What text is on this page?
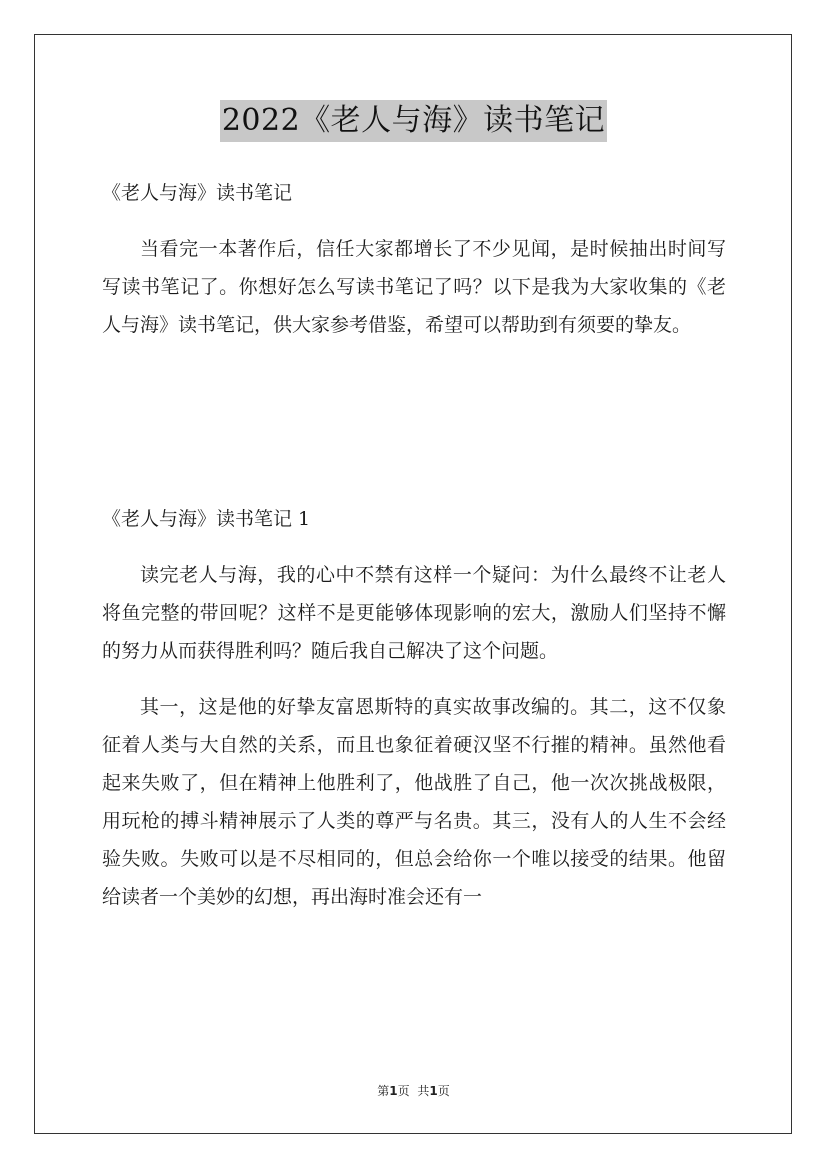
2022《老人与海》读书笔记
《老人与海》读书笔记

当看完一本著作后，信任大家都增长了不少见闻，是时候抽出时间写写读书笔记了。你想好怎么写读书笔记了吗？以下是我为大家收集的《老人与海》读书笔记，供大家参考借鉴，希望可以帮助到有须要的挚友。

《老人与海》读书笔记 1

读完老人与海，我的心中不禁有这样一个疑问：为什么最终不让老人将鱼完整的带回呢？这样不是更能够体现影响的宏大，激励人们坚持不懈的努力从而获得胜利吗？随后我自己解决了这个问题。

其一，这是他的好挚友富恩斯特的真实故事改编的。其二，这不仅象征着人类与大自然的关系，而且也象征着硬汉坚不行摧的精神。虽然他看起来失败了，但在精神上他胜利了，他战胜了自己，他一次次挑战极限，用玩枪的搏斗精神展示了人类的尊严与名贵。其三，没有人的人生不会经验失败。失败可以是不尽相同的，但总会给你一个唯以接受的结果。他留给读者一个美妙的幻想，再出海时准会还有一

第1页 共1页
